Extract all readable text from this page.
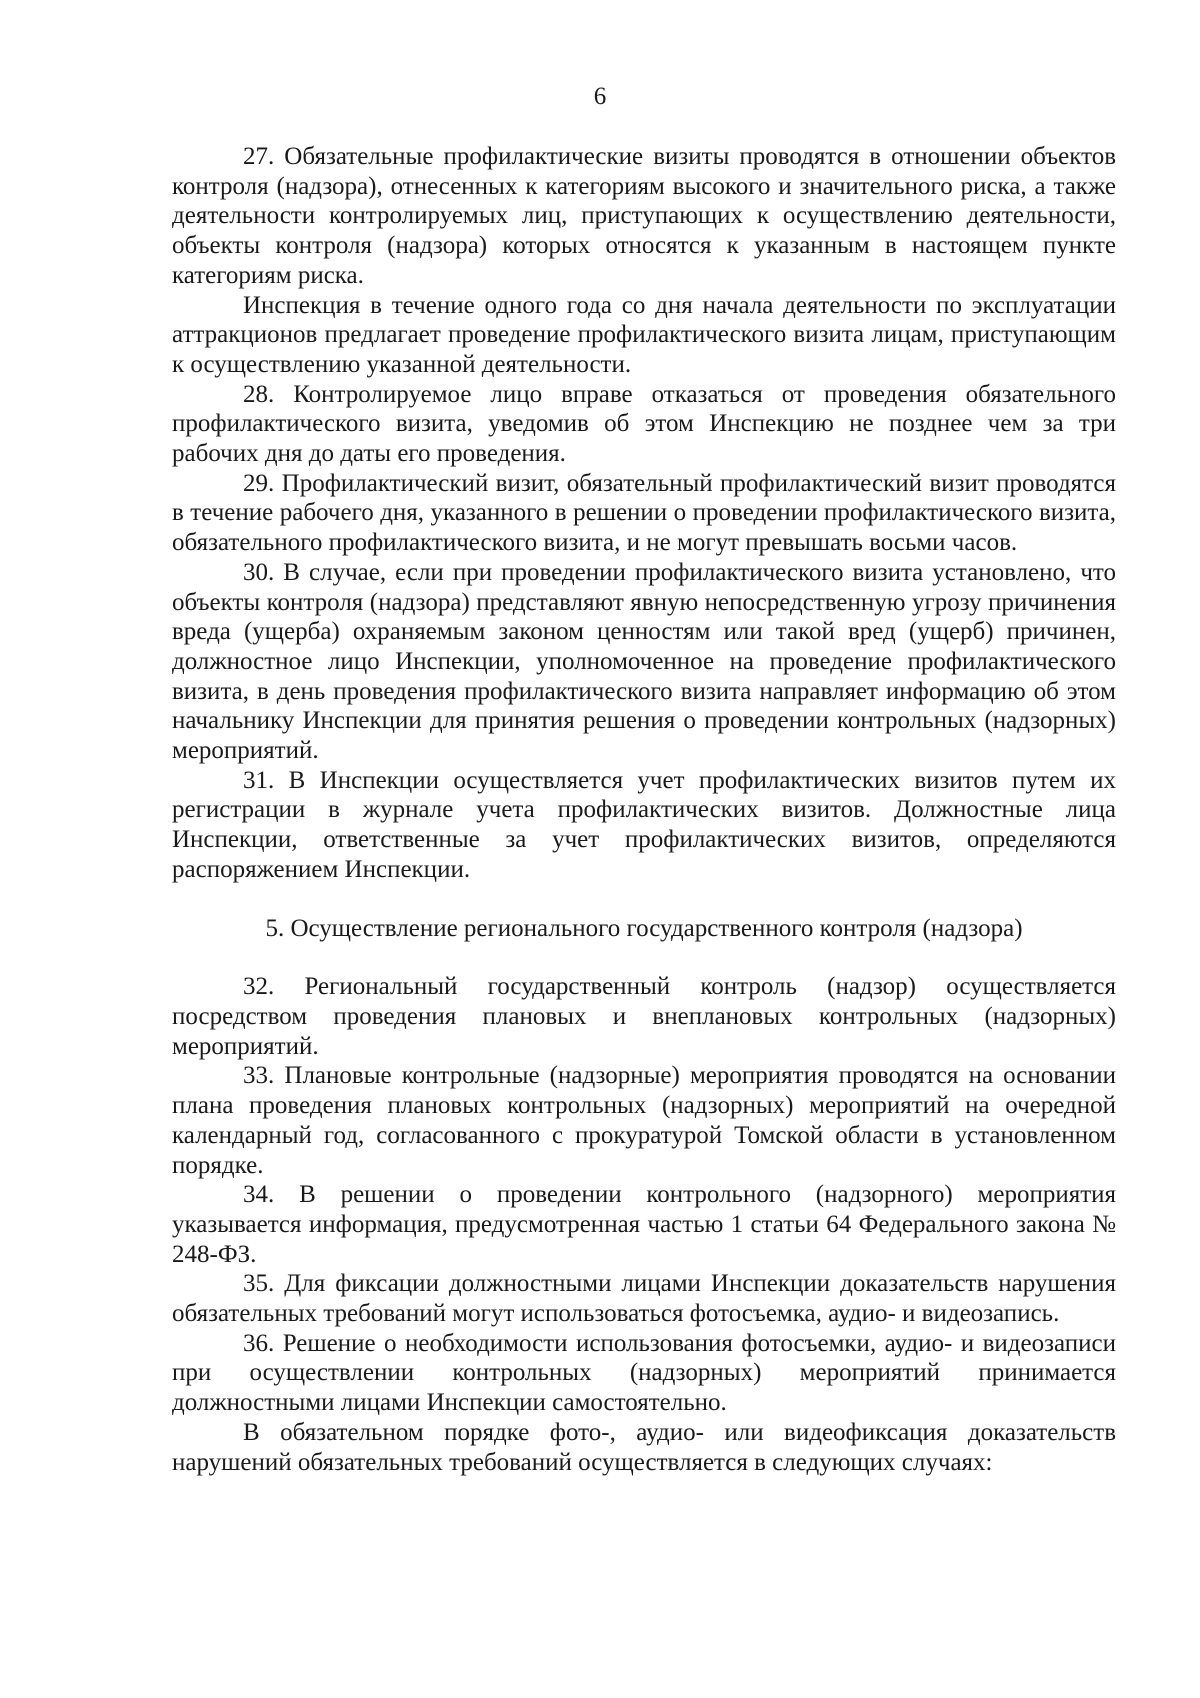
6

27. Обязательные профилактические визиты проводятся в отношении объектов контроля (надзора), отнесенных к категориям высокого и значительного риска, а также деятельности контролируемых лиц, приступающих к осуществлению деятельности, объекты контроля (надзора) которых относятся к указанным в настоящем пункте категориям риска.

Инспекция в течение одного года со дня начала деятельности по эксплуатации аттракционов предлагает проведение профилактического визита лицам, приступающим к осуществлению указанной деятельности.

28. Контролируемое лицо вправе отказаться от проведения обязательного профилактического визита, уведомив об этом Инспекцию не позднее чем за три рабочих дня до даты его проведения.

29. Профилактический визит, обязательный профилактический визит проводятся в течение рабочего дня, указанного в решении о проведении профилактического визита, обязательного профилактического визита, и не могут превышать восьми часов.

30. В случае, если при проведении профилактического визита установлено, что объекты контроля (надзора) представляют явную непосредственную угрозу причинения вреда (ущерба) охраняемым законом ценностям или такой вред (ущерб) причинен, должностное лицо Инспекции, уполномоченное на проведение профилактического визита, в день проведения профилактического визита направляет информацию об этом начальнику Инспекции для принятия решения о проведении контрольных (надзорных) мероприятий.

31. В Инспекции осуществляется учет профилактических визитов путем их регистрации в журнале учета профилактических визитов. Должностные лица Инспекции, ответственные за учет профилактических визитов, определяются распоряжением Инспекции.

5. Осуществление регионального государственного контроля (надзора)

32. Региональный государственный контроль (надзор) осуществляется посредством проведения плановых и внеплановых контрольных (надзорных) мероприятий.

33. Плановые контрольные (надзорные) мероприятия проводятся на основании плана проведения плановых контрольных (надзорных) мероприятий на очередной календарный год, согласованного с прокуратурой Томской области в установленном порядке.

34. В решении о проведении контрольного (надзорного) мероприятия указывается информация, предусмотренная частью 1 статьи 64 Федерального закона № 248-ФЗ.

35. Для фиксации должностными лицами Инспекции доказательств нарушения обязательных требований могут использоваться фотосъемка, аудио- и видеозапись.

36. Решение о необходимости использования фотосъемки, аудио- и видеозаписи при осуществлении контрольных (надзорных) мероприятий принимается должностными лицами Инспекции самостоятельно.

В обязательном порядке фото-, аудио- или видеофиксация доказательств нарушений обязательных требований осуществляется в следующих случаях:
